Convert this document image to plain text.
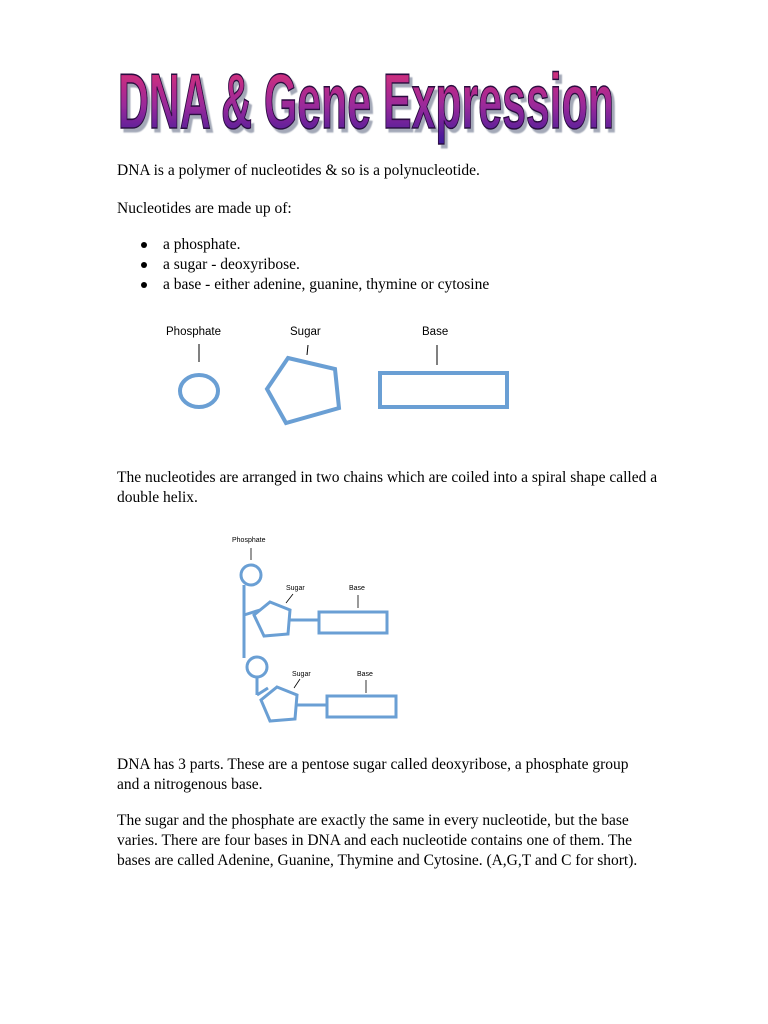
DNA & Gene Expression
DNA is a polymer of nucleotides & so is a polynucleotide.
Nucleotides are made up of:
a phosphate.
a sugar - deoxyribose.
a base - either adenine, guanine, thymine or cytosine
Phosphate	Sugar	Base
The nucleotides are arranged in two chains which are coiled into a spiral shape called a double helix.
Phosphate
Sugar	Base
Sugar	Base
DNA has 3 parts. These are a pentose sugar called deoxyribose, a phosphate group and a nitrogenous base.
The sugar and the phosphate are exactly the same in every nucleotide, but the base varies. There are four bases in DNA and each nucleotide contains one of them. The bases are called Adenine, Guanine, Thymine and Cytosine. (A,G,T and C for short).
